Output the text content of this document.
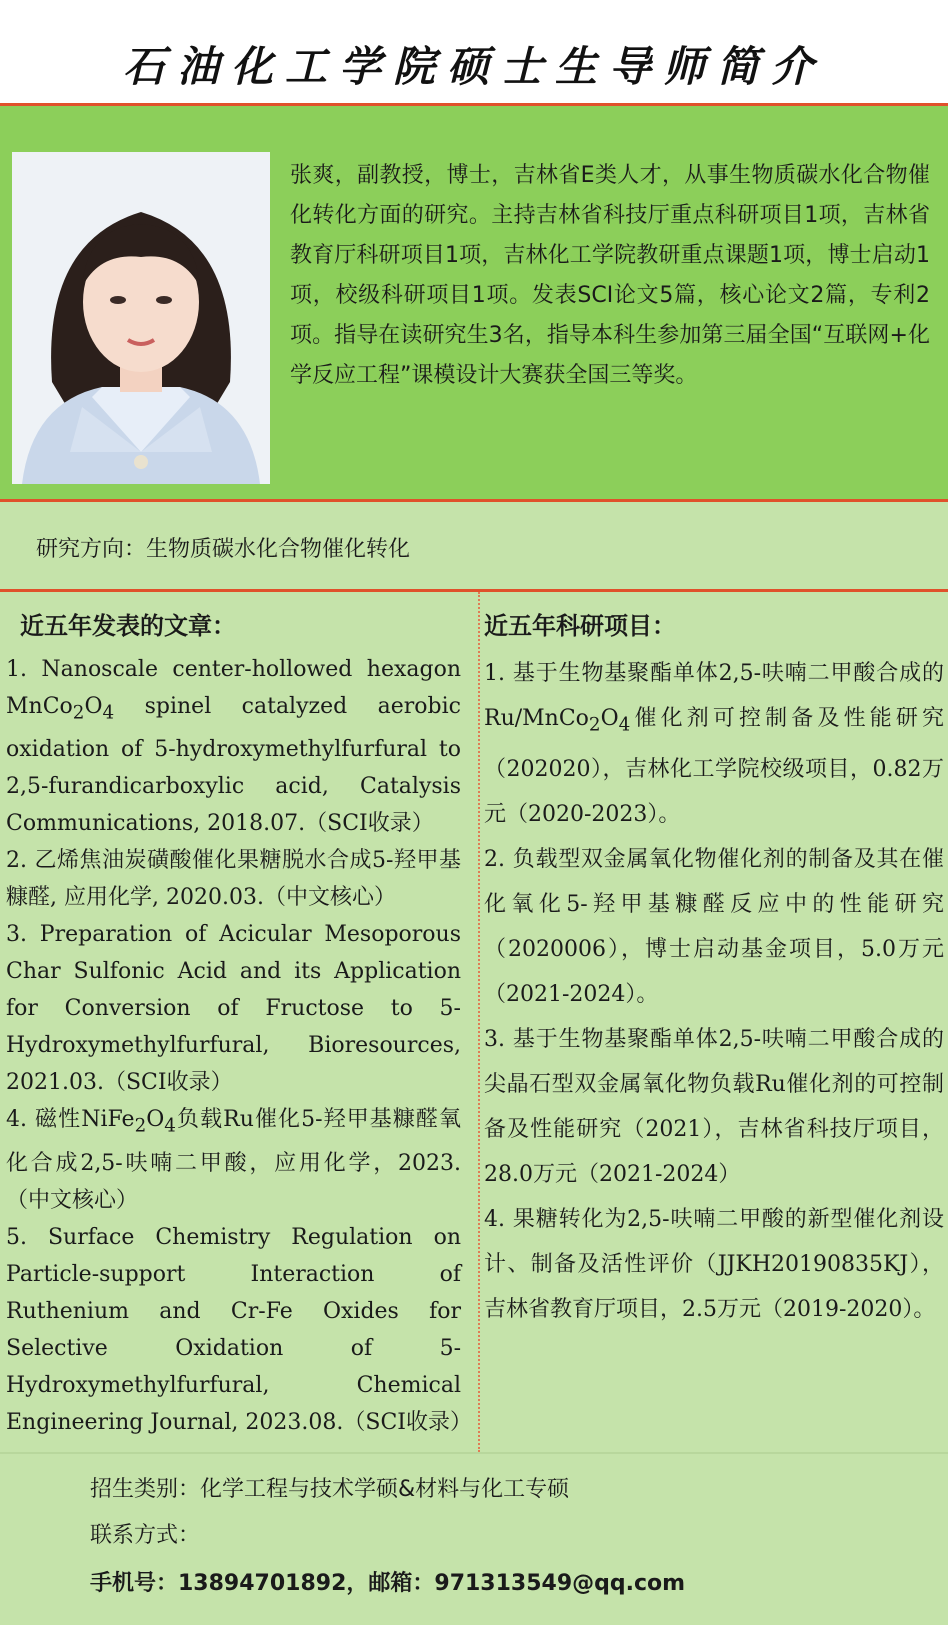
石油化工学院硕士生导师简介
张爽，副教授，博士，吉林省E类人才，从事生物质碳水化合物催化转化方面的研究。主持吉林省科技厅重点科研项目1项，吉林省教育厅科研项目1项，吉林化工学院教研重点课题1项，博士启动1项，校级科研项目1项。发表SCI论文5篇，核心论文2篇，专利2项。指导在读研究生3名，指导本科生参加第三届全国“互联网+化学反应工程”课模设计大赛获全国三等奖。
研究方向：生物质碳水化合物催化转化
近五年发表的文章：
1. Nanoscale center-hollowed hexagon $MnCo_2O_4$ spinel catalyzed aerobic oxidation of 5-hydroxymethylfurfural to 2,5-furandicarboxylic acid, Catalysis Communications, 2018.07.（SCI收录）
2. 乙烯焦油炭磺酸催化果糖脱水合成5-羟甲基糠醛, 应用化学, 2020.03.（中文核心）
3. Preparation of Acicular Mesoporous Char Sulfonic Acid and its Application for Conversion of Fructose to 5-Hydroxymethylfurfural, Bioresources, 2021.03.（SCI收录）
4. 磁性$NiFe_2O_4$负载Ru催化5-羟甲基糠醛氧化合成2,5-呋喃二甲酸，应用化学，2023.（中文核心）
5. Surface Chemistry Regulation on Particle-support Interaction of Ruthenium and Cr-Fe Oxides for Selective Oxidation of 5-Hydroxymethylfurfural, Chemical Engineering Journal, 2023.08.（SCI收录）
近五年科研项目：
1. 基于生物基聚酯单体2,5-呋喃二甲酸合成的$Ru/MnCo_2O_4$催化剂可控制备及性能研究（202020），吉林化工学院校级项目，0.82万元（2020-2023）。
2. 负载型双金属氧化物催化剂的制备及其在催化氧化5-羟甲基糠醛反应中的性能研究（2020006），博士启动基金项目，5.0万元（2021-2024）。
3. 基于生物基聚酯单体2,5-呋喃二甲酸合成的尖晶石型双金属氧化物负载Ru催化剂的可控制备及性能研究（2021），吉林省科技厅项目，28.0万元（2021-2024）
4. 果糖转化为2,5-呋喃二甲酸的新型催化剂设计、制备及活性评价（JJKH20190835KJ），吉林省教育厅项目，2.5万元（2019-2020）。
招生类别：化学工程与技术学硕&材料与化工专硕
联系方式：
手机号：13894701892，邮箱：971313549@qq.com
